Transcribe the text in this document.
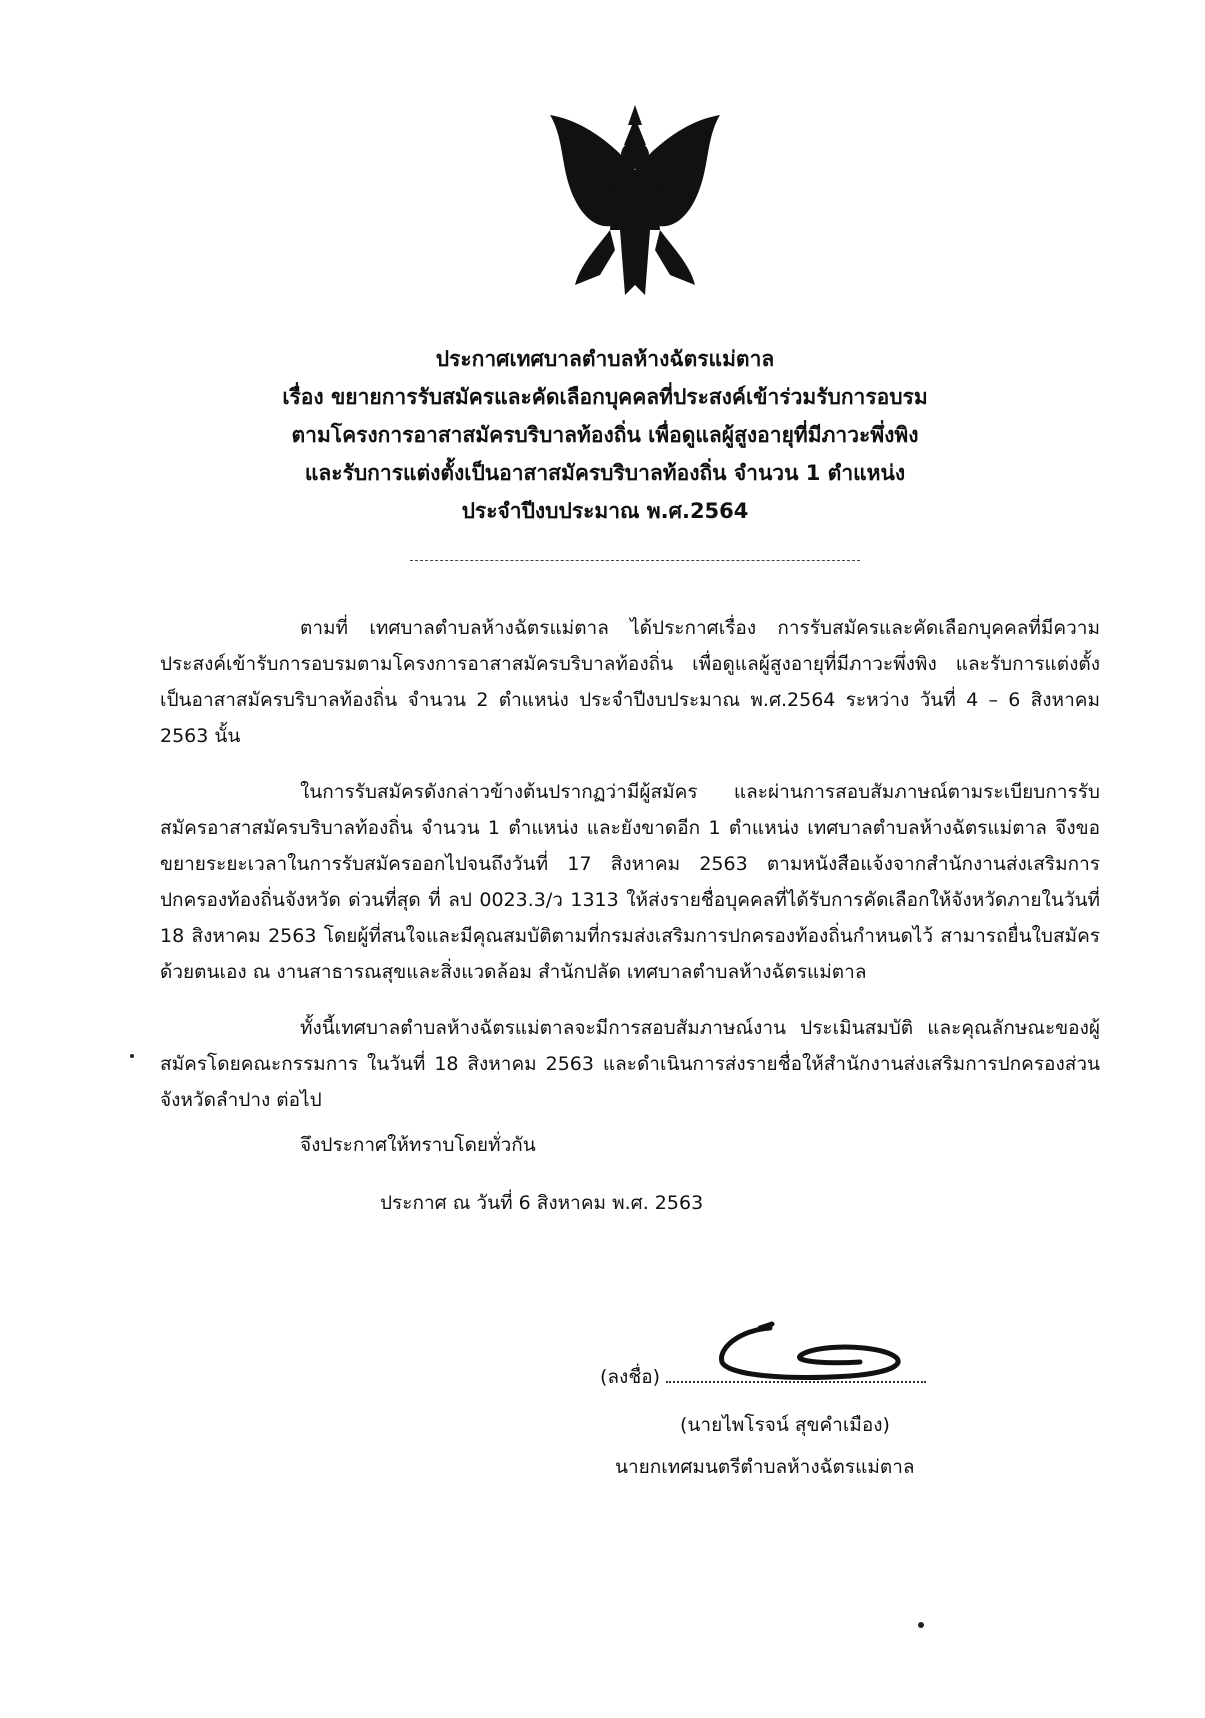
ประกาศเทศบาลตำบลห้างฉัตรแม่ตาล
เรื่อง ขยายการรับสมัครและคัดเลือกบุคคลที่ประสงค์เข้าร่วมรับการอบรม
ตามโครงการอาสาสมัครบริบาลท้องถิ่น เพื่อดูแลผู้สูงอายุที่มีภาวะพึ่งพิง
และรับการแต่งตั้งเป็นอาสาสมัครบริบาลท้องถิ่น จำนวน 1 ตำแหน่ง
ประจำปีงบประมาณ พ.ศ.2564

ตามที่ เทศบาลตำบลห้างฉัตรแม่ตาล ได้ประกาศเรื่อง การรับสมัครและคัดเลือกบุคคลที่มีความประสงค์เข้ารับการอบรมตามโครงการอาสาสมัครบริบาลท้องถิ่น เพื่อดูแลผู้สูงอายุที่มีภาวะพึ่งพิง และรับการแต่งตั้งเป็นอาสาสมัครบริบาลท้องถิ่น จำนวน 2 ตำแหน่ง ประจำปีงบประมาณ พ.ศ.2564 ระหว่าง วันที่ 4 – 6 สิงหาคม 2563 นั้น

ในการรับสมัครดังกล่าวข้างต้นปรากฏว่ามีผู้สมัคร และผ่านการสอบสัมภาษณ์ตามระเบียบการรับสมัครอาสาสมัครบริบาลท้องถิ่น จำนวน 1 ตำแหน่ง และยังขาดอีก 1 ตำแหน่ง เทศบาลตำบลห้างฉัตรแม่ตาล จึงขอขยายระยะเวลาในการรับสมัครออกไปจนถึงวันที่ 17 สิงหาคม 2563 ตามหนังสือแจ้งจากสำนักงานส่งเสริมการปกครองท้องถิ่นจังหวัด ด่วนที่สุด ที่ ลป 0023.3/ว 1313 ให้ส่งรายชื่อบุคคลที่ได้รับการคัดเลือกให้จังหวัดภายในวันที่ 18 สิงหาคม 2563 โดยผู้ที่สนใจและมีคุณสมบัติตามที่กรมส่งเสริมการปกครองท้องถิ่นกำหนดไว้ สามารถยื่นใบสมัครด้วยตนเอง ณ งานสาธารณสุขและสิ่งแวดล้อม สำนักปลัด เทศบาลตำบลห้างฉัตรแม่ตาล

ทั้งนี้เทศบาลตำบลห้างฉัตรแม่ตาลจะมีการสอบสัมภาษณ์งาน ประเมินสมบัติ และคุณลักษณะของผู้สมัครโดยคณะกรรมการ ในวันที่ 18 สิงหาคม 2563 และดำเนินการส่งรายชื่อให้สำนักงานส่งเสริมการปกครองส่วนจังหวัดลำปาง ต่อไป

จึงประกาศให้ทราบโดยทั่วกัน
ประกาศ ณ วันที่ 6 สิงหาคม พ.ศ. 2563
(ลงชื่อ)
(นายไพโรจน์ สุขคำเมือง)
นายกเทศมนตรีตำบลห้างฉัตรแม่ตาล
